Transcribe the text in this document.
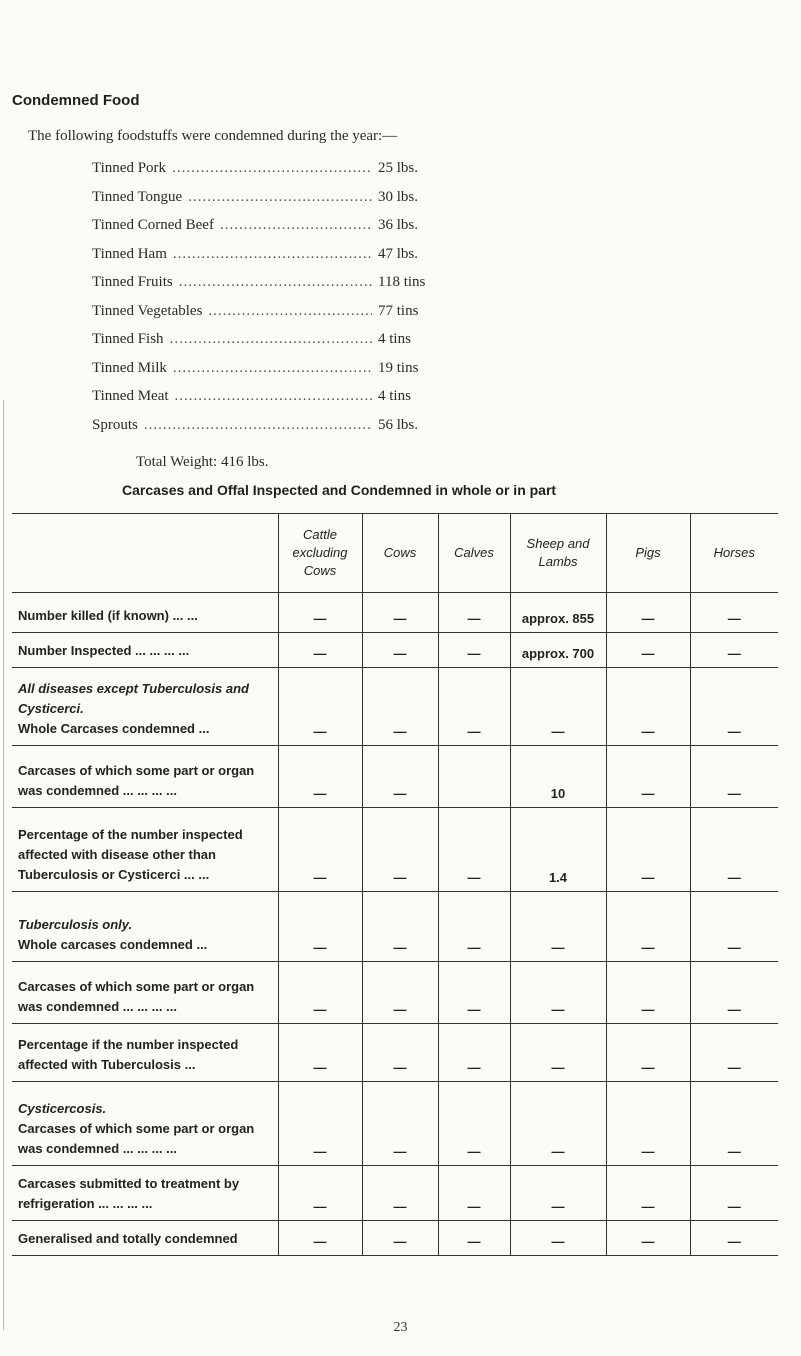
Condemned Food
The following foodstuffs were condemned during the year:—
Tinned Pork .....	25 lbs.
Tinned Tongue .....	30 lbs.
Tinned Corned Beef .....	36 lbs.
Tinned Ham .....	47 lbs.
Tinned Fruits .....	118 tins
Tinned Vegetables .....	77 tins
Tinned Fish .....	4 tins
Tinned Milk .....	19 tins
Tinned Meat .....	4 tins
Sprouts .....	56 lbs.
Total Weight: 416 lbs.
Carcases and Offal Inspected and Condemned in whole or in part
	Cattle excluding Cows	Cows	Calves	Sheep and Lambs	Pigs	Horses
Number killed (if known) ... ...	—	—	—	approx. 855	—	—
Number Inspected ... ... ... ...	—	—	—	approx. 700	—	—
All diseases except Tuberculosis and Cysticerci.
Whole Carcases condemned ...	—	—	—	—	—	—
Carcases of which some part or organ was condemned ... ... ... ...	—	—		10	—	—
Percentage of the number inspected affected with disease other than Tuberculosis or Cysticerci ... ...	—	—	—	1.4	—	—
Tuberculosis only.
Whole carcases condemned ...	—	—	—	—	—	—
Carcases of which some part or organ was condemned ... ... ... ...	—	—	—	—	—	—
Percentage if the number inspected affected with Tuberculosis ...	—	—	—	—	—	—
Cysticercosis.
Carcases of which some part or organ was condemned ... ... ... ...	—	—	—	—	—	—
Carcases submitted to treatment by refrigeration ... ... ... ...	—	—	—	—	—	—
Generalised and totally condemned	—	—	—	—	—	—
23
